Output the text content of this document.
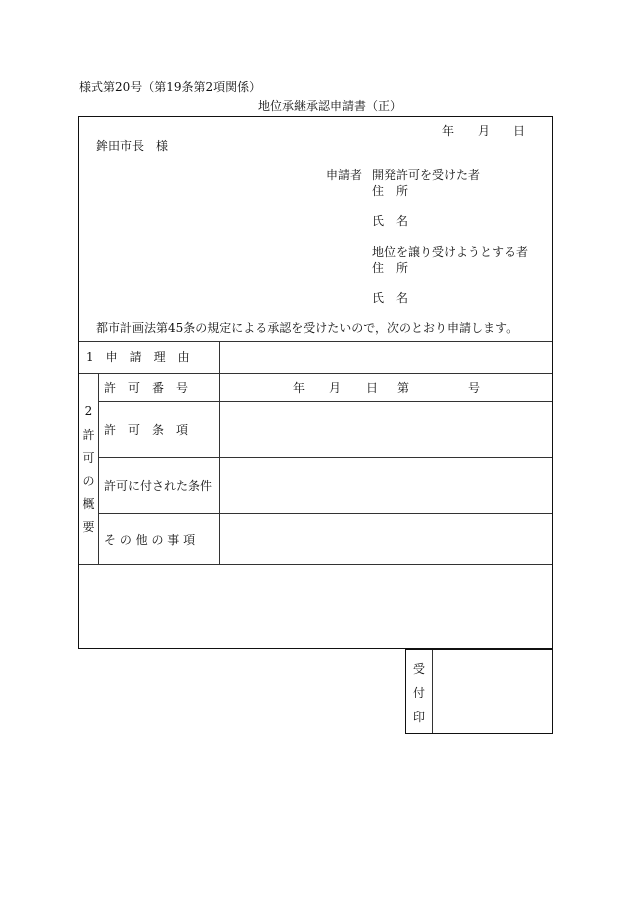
様式第20号（第19条第2項関係）
地位承継承認申請書（正）
年 月 日
鉾田市長　様
申請者 開発許可を受けた者
住　所
氏　名
地位を譲り受けようとする者
住　所
氏　名
都市計画法第45条の規定による承認を受けたいので，次のとおり申請します。
1　申　請　理　由
2
許
可
の
概
要
許　可　番　号	年 月 日 第	号
許　可　条　項
許可に付された条件
そ の 他 の 事 項
受
付
印
